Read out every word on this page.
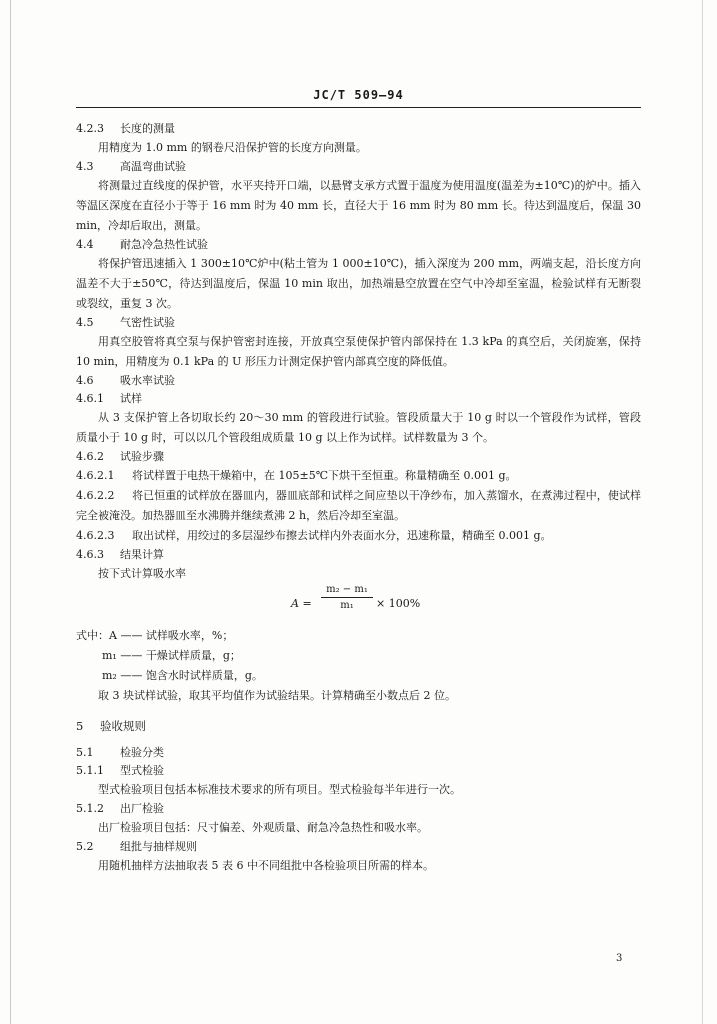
JC/T 509—94

4.2.3 长度的测量

用精度为 1.0 mm 的钢卷尺沿保护管的长度方向测量。

4.3 高温弯曲试验

将测量过直线度的保护管，水平夹持开口端，以悬臂支承方式置于温度为使用温度(温差为±10℃)的炉中。插入等温区深度在直径小于等于 16 mm 时为 40 mm 长，直径大于 16 mm 时为 80 mm 长。待达到温度后，保温 30 min，冷却后取出，测量。

4.4 耐急冷急热性试验

将保护管迅速插入 1 300±10℃炉中(粘土管为 1 000±10℃)，插入深度为 200 mm，两端支起，沿长度方向温差不大于±50℃，待达到温度后，保温 10 min 取出，加热端悬空放置在空气中冷却至室温，检验试样有无断裂或裂纹，重复 3 次。

4.5 气密性试验

用真空胶管将真空泵与保护管密封连接，开放真空泵使保护管内部保持在 1.3 kPa 的真空后，关闭旋塞，保持 10 min，用精度为 0.1 kPa 的 U 形压力计测定保护管内部真空度的降低值。

4.6 吸水率试验

4.6.1 试样

从 3 支保护管上各切取长约 20～30 mm 的管段进行试验。管段质量大于 10 g 时以一个管段作为试样，管段质量小于 10 g 时，可以以几个管段组成质量 10 g 以上作为试样。试样数量为 3 个。

4.6.2 试验步骤

4.6.2.1 将试样置于电热干燥箱中，在 105±5℃下烘干至恒重。称量精确至 0.001 g。

4.6.2.2 将已恒重的试样放在器皿内，器皿底部和试样之间应垫以干净纱布，加入蒸馏水，在煮沸过程中，使试样完全被淹没。加热器皿至水沸腾并继续煮沸 2 h，然后冷却至室温。

4.6.2.3 取出试样，用绞过的多层湿纱布擦去试样内外表面水分，迅速称量，精确至 0.001 g。

4.6.3 结果计算

按下式计算吸水率

A =
m₂ − m₁
m₁	× 100%

式中：A —— 试样吸水率，%；

m₁ —— 干燥试样质量，g；

m₂ —— 饱含水时试样质量，g。

取 3 块试样试验，取其平均值作为试验结果。计算精确至小数点后 2 位。

5 验收规则

5.1 检验分类

5.1.1 型式检验

型式检验项目包括本标准技术要求的所有项目。型式检验每半年进行一次。

5.1.2 出厂检验

出厂检验项目包括：尺寸偏差、外观质量、耐急冷急热性和吸水率。

5.2 组批与抽样规则

用随机抽样方法抽取表 5 表 6 中不同组批中各检验项目所需的样本。

3
